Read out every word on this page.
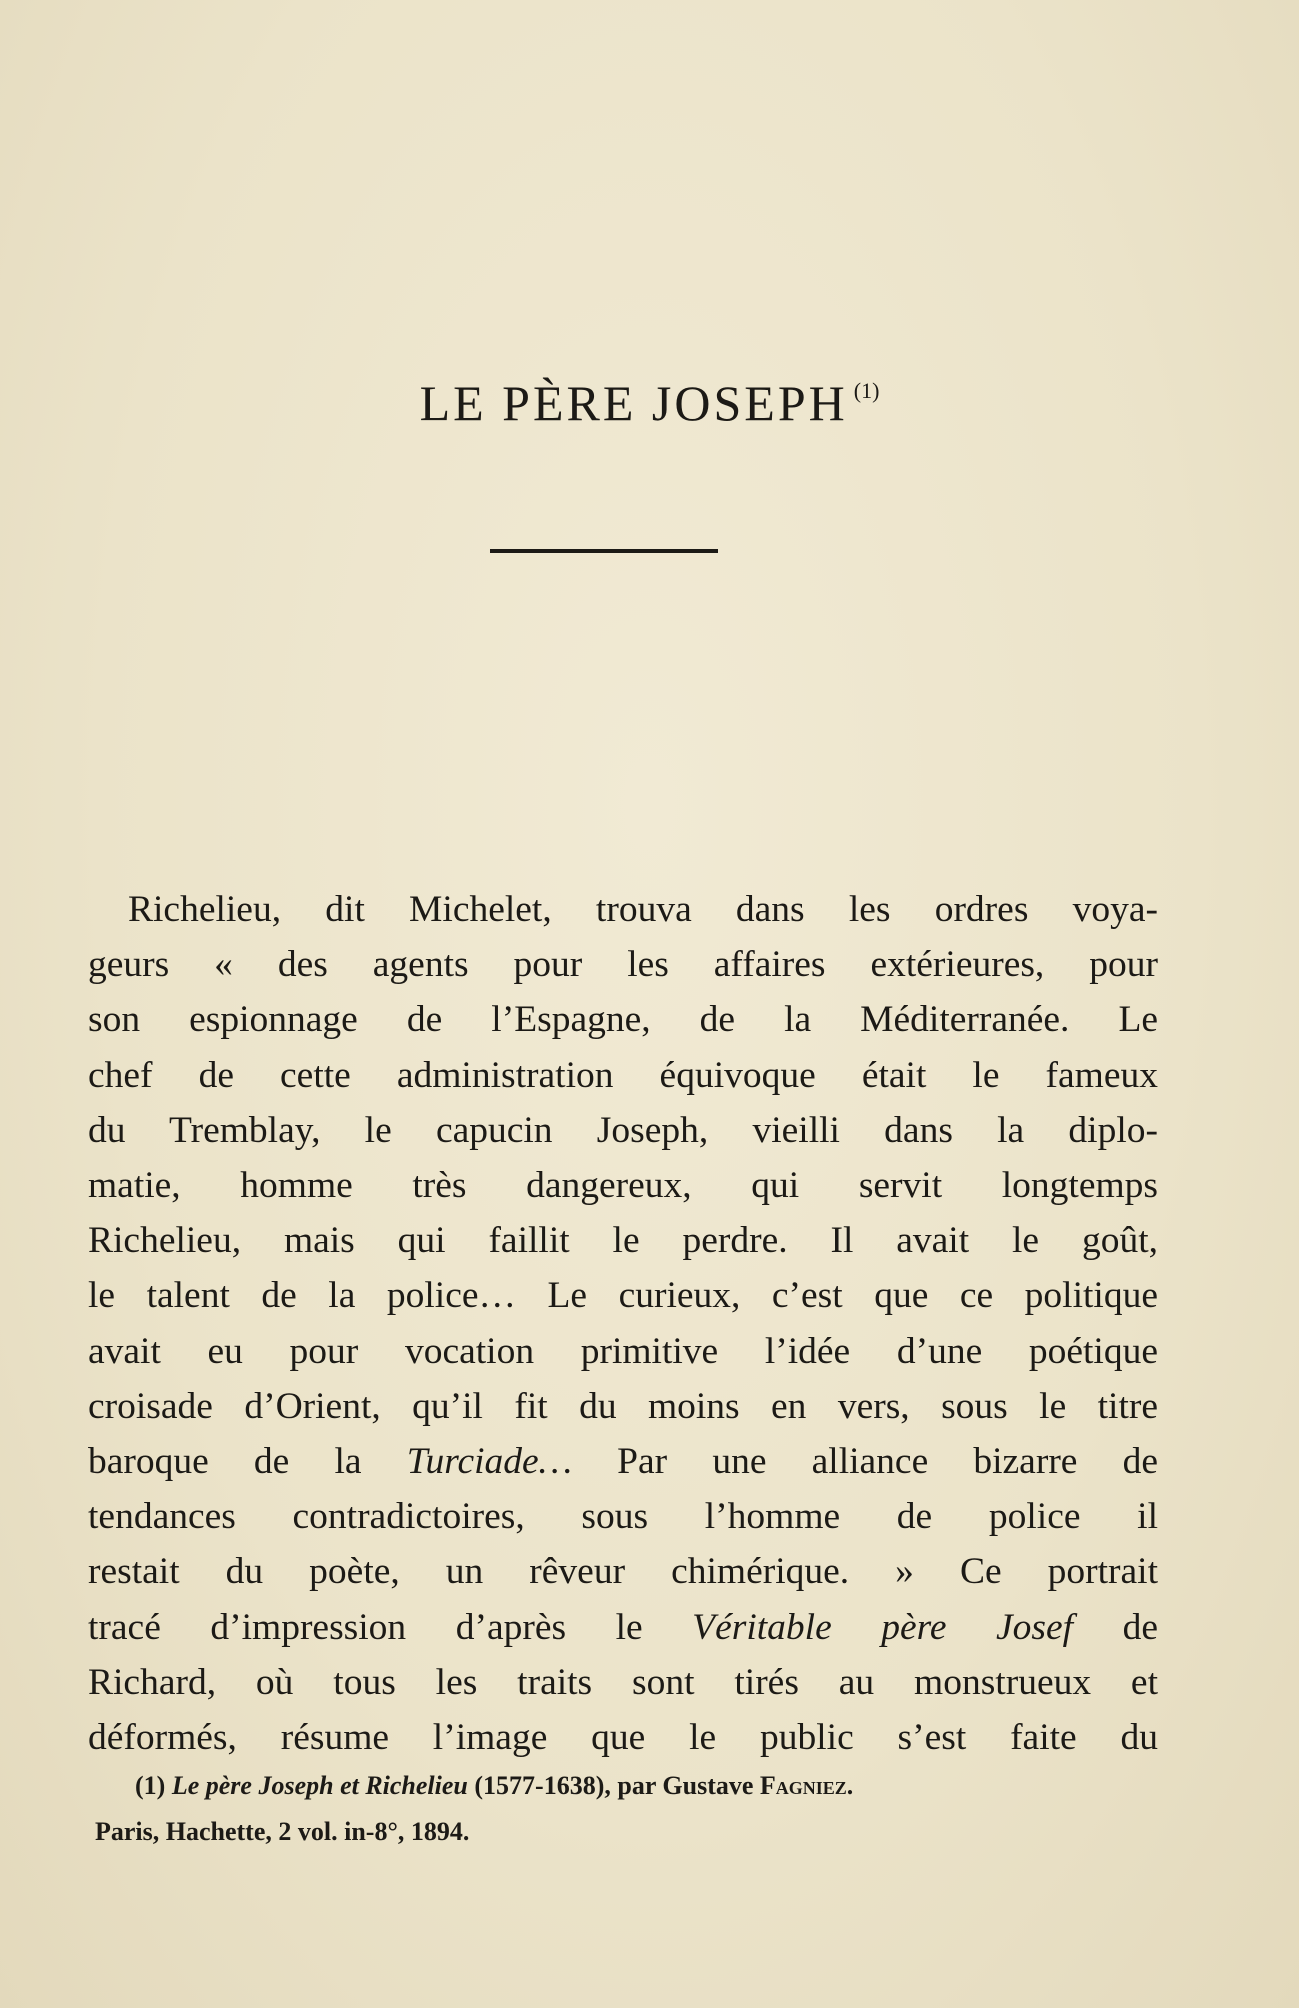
LE PÈRE JOSEPH $^{(1)}$
Richelieu, dit Michelet, trouva dans les ordres voya-
geurs « des agents pour les affaires extérieures, pour
son espionnage de l’Espagne, de la Méditerranée. Le
chef de cette administration équivoque était le fameux
du Tremblay, le capucin Joseph, vieilli dans la diplo-
matie, homme très dangereux, qui servit longtemps
Richelieu, mais qui faillit le perdre. Il avait le goût,
le talent de la police… Le curieux, c’est que ce politique
avait eu pour vocation primitive l’idée d’une poétique
croisade d’Orient, qu’il fit du moins en vers, sous le titre
baroque de la Turciade… Par une alliance bizarre de
tendances contradictoires, sous l’homme de police il
restait du poète, un rêveur chimérique. » Ce portrait
tracé d’impression d’après le Véritable père Josef de
Richard, où tous les traits sont tirés au monstrueux et
déformés, résume l’image que le public s’est faite du
(1) Le père Joseph et Richelieu (1577-1638), par Gustave Fagniez.
Paris, Hachette, 2 vol. in-8°, 1894.
